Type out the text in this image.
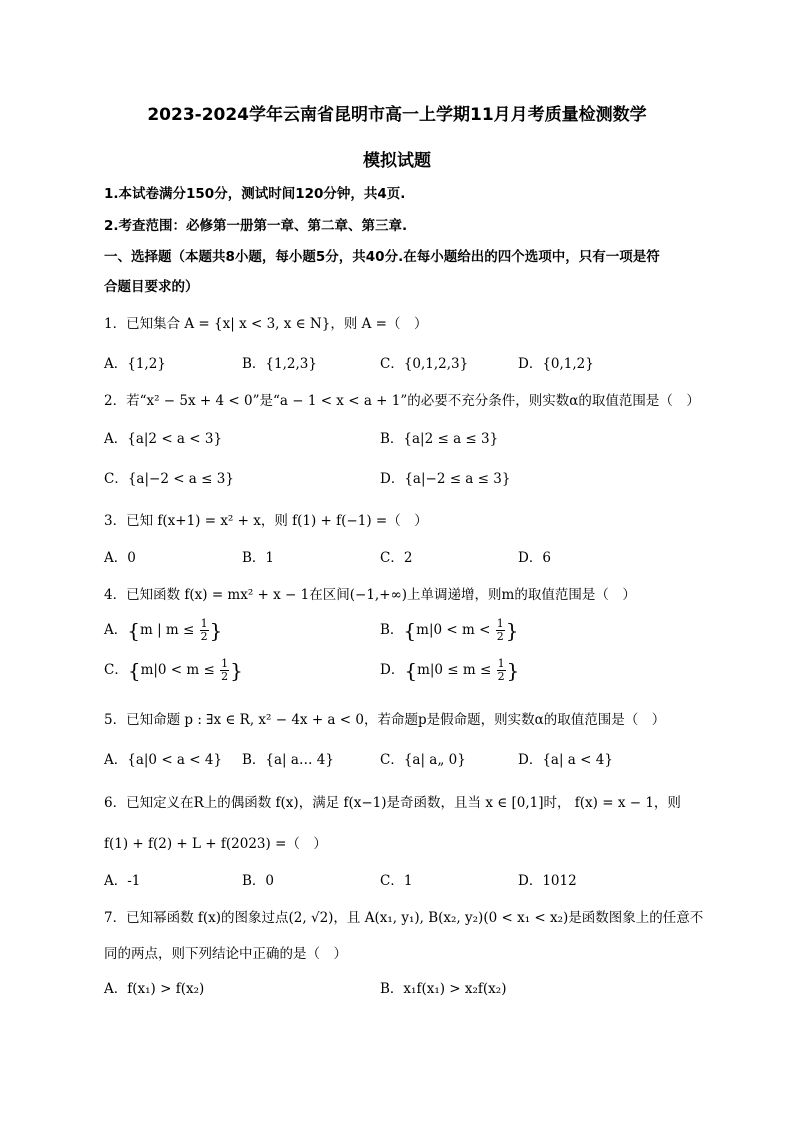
2023-2024学年云南省昆明市高一上学期11月月考质量检测数学
模拟试题
1.本试卷满分150分，测试时间120分钟，共4页.
2.考查范围：必修第一册第一章、第二章、第三章.
一、选择题（本题共8小题，每小题5分，共40分.在每小题给出的四个选项中，只有一项是符
合题目要求的）
1．已知集合 A = {x| x < 3, x ∈ N}，则 A =（　）
A．{1,2}	B．{1,2,3}	C．{0,1,2,3}	D．{0,1,2}
2．若“x² − 5x + 4 < 0”是“a − 1 < x < a + 1”的必要不充分条件，则实数α的取值范围是（　）
A．{a|2 < a < 3}	B．{a|2 ≤ a ≤ 3}
C．{a|−2 < a ≤ 3}	D．{a|−2 ≤ a ≤ 3}
3．已知 f(x+1) = x² + x，则 f(1) + f(−1) =（　）
A．0	B．1	C．2	D．6
4．已知函数 f(x) = mx² + x − 1在区间(−1,+∞)上单调递增，则m的取值范围是（　）
A．{m | $m \le \frac{1}{2}$ }	B．{$m|0 < m < \frac{1}{2}$ }
C．{$m|0 < m \le \frac{1}{2}$ }	D．{$m|0 \le m \le \frac{1}{2}$ }
5．已知命题 p : ∃x ∈ R, x² − 4x + a < 0，若命题p是假命题，则实数α的取值范围是（　）
A．{a|0 < a < 4} B．{a| a… 4}	C．{a| a„ 0}	D．{a| a < 4}
6．已知定义在R上的偶函数 f(x)，满足 f(x−1)是奇函数，且当 x ∈ [0,1]时， f(x) = x − 1，则
f(1) + f(2) + L + f(2023) =（　）
A．-1	B．0	C．1	D．1012
7．已知幂函数 f(x)的图象过点(2, √2)，且 A(x₁, y₁), B(x₂, y₂)(0 < x₁ < x₂)是函数图象上的任意不
同的两点，则下列结论中正确的是（　）
A．f(x₁) > f(x₂)	B．x₁f(x₁) > x₂f(x₂)
